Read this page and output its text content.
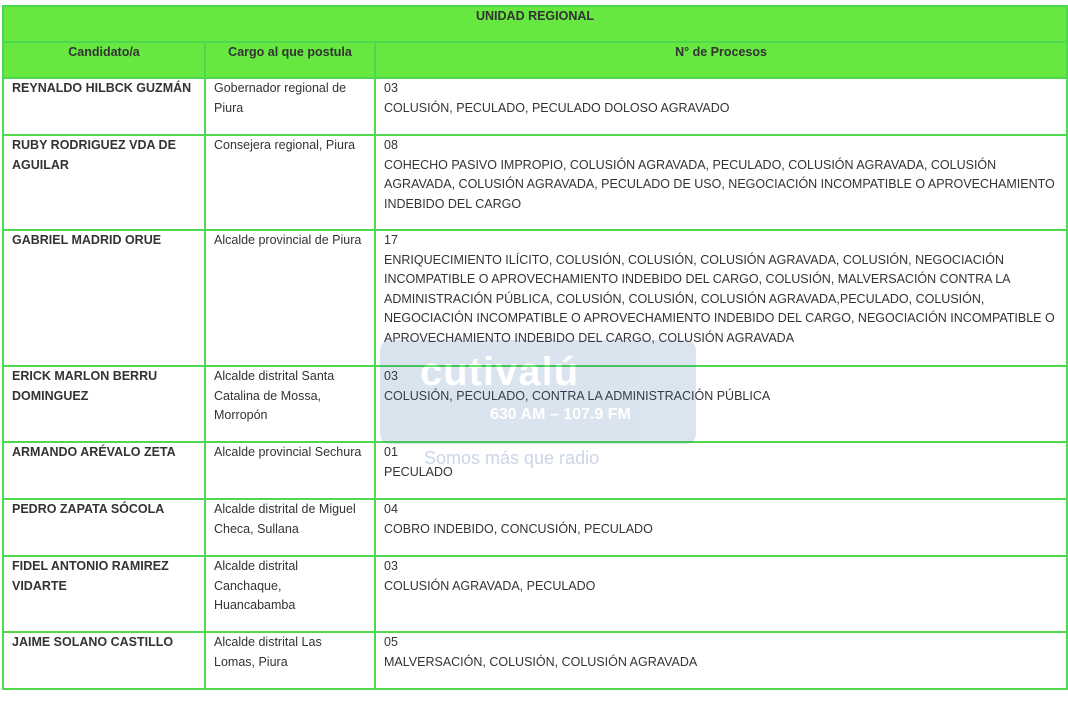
UNIDAD REGIONAL		
Candidato/a	Cargo al que postula	N° de Procesos
REYNALDO HILBCK GUZMÁN	Gobernador regional de Piura	03
COLUSIÓN, PECULADO, PECULADO DOLOSO AGRAVADO

RUBY RODRIGUEZ VDA DE AGUILAR	Consejera regional, Piura	08
COHECHO PASIVO IMPROPIO, COLUSIÓN AGRAVADA, PECULADO, COLUSIÓN AGRAVADA, COLUSIÓN AGRAVADA, COLUSIÓN AGRAVADA, PECULADO DE USO, NEGOCIACIÓN INCOMPATIBLE O APROVECHAMIENTO INDEBIDO DEL CARGO

GABRIEL MADRID ORUE	Alcalde provincial de Piura	17
ENRIQUECIMIENTO ILÍCITO, COLUSIÓN, COLUSIÓN, COLUSIÓN AGRAVADA, COLUSIÓN, NEGOCIACIÓN INCOMPATIBLE O APROVECHAMIENTO INDEBIDO DEL CARGO, COLUSIÓN, MALVERSACIÓN CONTRA LA ADMINISTRACIÓN PÚBLICA, COLUSIÓN, COLUSIÓN, COLUSIÓN AGRAVADA,PECULADO, COLUSIÓN, NEGOCIACIÓN INCOMPATIBLE O APROVECHAMIENTO INDEBIDO DEL CARGO, NEGOCIACIÓN INCOMPATIBLE O APROVECHAMIENTO INDEBIDO DEL CARGO, COLUSIÓN AGRAVADA

ERICK MARLON BERRU DOMINGUEZ	Alcalde distrital Santa Catalina de Mossa, Morropón	03
COLUSIÓN, PECULADO, CONTRA LA ADMINISTRACIÓN PÚBLICA

ARMANDO ARÉVALO ZETA	Alcalde provincial Sechura	01
PECULADO

PEDRO ZAPATA SÓCOLA	Alcalde distrital de Miguel Checa, Sullana	04
COBRO INDEBIDO, CONCUSIÓN, PECULADO

FIDEL ANTONIO RAMIREZ VIDARTE	Alcalde distrital Canchaque, Huancabamba	03
COLUSIÓN AGRAVADA, PECULADO

JAIME SOLANO CASTILLO	Alcalde distrital Las Lomas, Piura	05
MALVERSACIÓN, COLUSIÓN, COLUSIÓN AGRAVADA
cutivalú
630 AM – 107.9 FM
Somos más que radio
